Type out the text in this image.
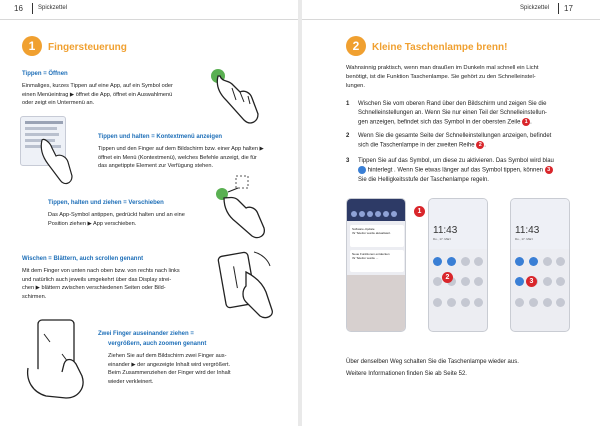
16	Spickzettel
1	Fingersteuerung
Tippen = Öffnen
Einmaliges, kurzes Tippen auf eine App, auf ein Symbol oder
einen Menüeintrag ▶ öffnet die App, öffnet ein Auswahlmenü
oder zeigt ein Untermenü an.
Tippen und halten = Kontextmenü anzeigen
Tippen und den Finger auf dem Bildschirm bzw. einer App halten ▶
öffnet ein Menü (Kontextmenü), welches Befehle anzeigt, die für
das angetippte Element zur Verfügung stehen.
Tippen, halten und ziehen = Verschieben
Das App-Symbol antippen, gedrückt halten und an eine
Position ziehen ▶ App verschieben.
Wischen = Blättern, auch scrollen genannt
Mit dem Finger von unten nach oben bzw. von rechts nach links
und natürlich auch jeweils umgekehrt über das Display strei-
chen ▶ blättern zwischen verschiedenen Seiten oder Bild-
schirmen.
Zwei Finger auseinander ziehen =
vergrößern, auch zoomen genannt
Ziehen Sie auf dem Bildschirm zwei Finger aus-
einander ▶ der angezeigte Inhalt wird vergrößert.
Beim Zusammenziehen der Finger wird der Inhalt
wieder verkleinert.
Spickzettel 17
2	Kleine Taschenlampe brenn!
Wahnsinnig praktisch, wenn man draußen im Dunkeln mal schnell ein Licht
benötigt, ist die Funktion Taschenlampe. Sie gehört zu den Schnelleinstel-
lungen.
1 Wischen Sie vom oberen Rand über den Bildschirm und zeigen Sie die
Schnelleinstellungen an. Wenn Sie nur einen Teil der Schnelleinstellun-
gen anzeigen, befindet sich das Symbol in der obersten Zeile 1 .
2 Wenn Sie die gesamte Seite der Schnelleinstellungen anzeigen, befindet
sich die Taschenlampe in der zweiten Reihe 2 .
3 Tippen Sie auf das Symbol, um diese zu aktivieren. Das Symbol wird blau
hinterlegt . Wenn Sie etwas länger auf das Symbol tippen, können 3
Sie die Helligkeitsstufe der Taschenlampe regeln.
Software-Update
Ihr Telefon wurde aktualisiert.
Neue Funktionen entdecken
Ihr Telefon wurde ...
1
11:43
Do., 17. März
2
11:43
Do., 17. März
3
Über denselben Weg schalten Sie die Taschenlampe wieder aus.
Weitere Informationen finden Sie ab Seite 52.
